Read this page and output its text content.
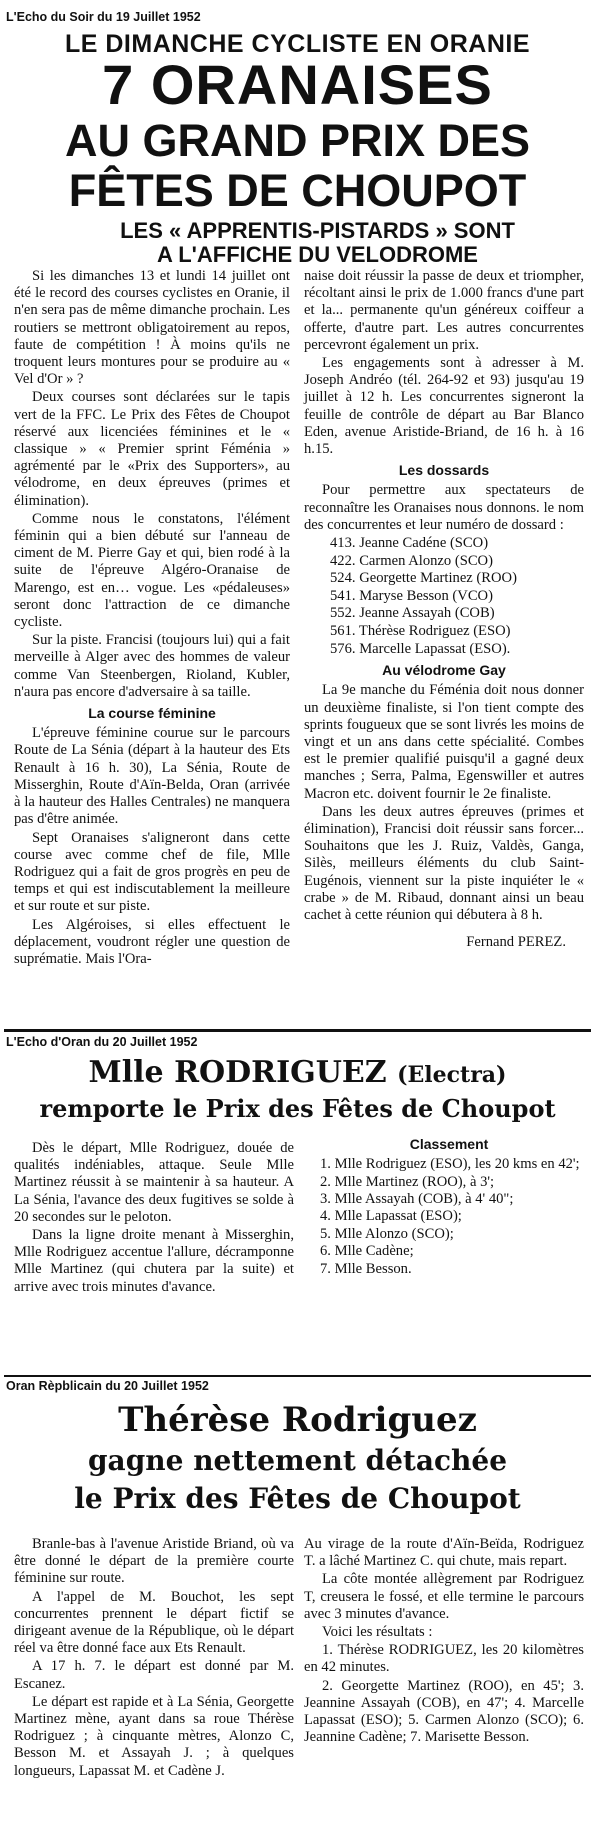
L'Echo du Soir du 19 Juillet 1952
LE DIMANCHE CYCLISTE EN ORANIE
7 ORANAISES
AU GRAND PRIX DES
FÊTES DE CHOUPOT
LES « APPRENTIS-PISTARDS » SONT
A L'AFFICHE DU VELODROME

Si les dimanches 13 et lundi 14 juillet ont été le record des courses cyclistes en Oranie, il n'en sera pas de même dimanche prochain. Les routiers se mettront obligatoirement au repos, faute de compétition ! À moins qu'ils ne troquent leurs montures pour se produire au « Vel d'Or » ?

Deux courses sont déclarées sur le tapis vert de la FFC. Le Prix des Fêtes de Choupot réservé aux licenciées féminines et le « classique » « Premier sprint Féménia » agrémenté par le «Prix des Supporters», au vélodrome, en deux épreuves (primes et élimination).

Comme nous le constatons, l'élément féminin qui a bien débuté sur l'anneau de ciment de M. Pierre Gay et qui, bien rodé à la suite de l'épreuve Algéro-Oranaise de Marengo, est en… vogue. Les «pédaleuses» seront donc l'attraction de ce dimanche cycliste.

Sur la piste. Francisi (toujours lui) qui a fait merveille à Alger avec des hommes de valeur comme Van Steenbergen, Rioland, Kubler, n'aura pas encore d'adversaire à sa taille.

La course féminine

L'épreuve féminine courue sur le parcours Route de La Sénia (départ à la hauteur des Ets Renault à 16 h. 30), La Sénia, Route de Misserghin, Route d'Aïn-Belda, Oran (arrivée à la hauteur des Halles Centrales) ne manquera pas d'être animée.

Sept Oranaises s'aligneront dans cette course avec comme chef de file, Mlle Rodriguez qui a fait de gros progrès en peu de temps et qui est indiscutablement la meilleure et sur route et sur piste.

Les Algéroises, si elles effectuent le déplacement, voudront régler une question de suprématie. Mais l'Ora-

naise doit réussir la passe de deux et triompher, récoltant ainsi le prix de 1.000 francs d'une part et la... permanente qu'un généreux coiffeur a offerte, d'autre part. Les autres concurrentes percevront également un prix.

Les engagements sont à adresser à M. Joseph Andréo (tél. 264-92 et 93) jusqu'au 19 juillet à 12 h. Les concurrentes signeront la feuille de contrôle de départ au Bar Blanco Eden, avenue Aristide-Briand, de 16 h. à 16 h.15.

Les dossards

Pour permettre aux spectateurs de reconnaître les Oranaises nous donnons. le nom des concurrentes et leur numéro de dossard :

413. Jeanne Cadéne (SCO)
422. Carmen Alonzo (SCO)
524. Georgette Martinez (ROO)
541. Maryse Besson (VCO)
552. Jeanne Assayah (COB)
561. Thérèse Rodriguez (ESO)
576. Marcelle Lapassat (ESO).
Au vélodrome Gay

La 9e manche du Féménia doit nous donner un deuxième finaliste, si l'on tient compte des sprints fougueux que se sont livrés les moins de vingt et un ans dans cette spécialité. Combes est le premier qualifié puisqu'il a gagné deux manches ; Serra, Palma, Egenswiller et autres Macron etc. doivent fournir le 2e finaliste.

Dans les deux autres épreuves (primes et élimination), Francisi doit réussir sans forcer... Souhaitons que les J. Ruiz, Valdès, Ganga, Silès, meilleurs éléments du club Saint-Eugénois, viennent sur la piste inquiéter le « crabe » de M. Ribaud, donnant ainsi un beau cachet à cette réunion qui débutera à 8 h.

Fernand PEREZ.

L'Echo d'Oran du 20 Juillet 1952
Mlle RODRIGUEZ (Electra)
remporte le Prix des Fêtes de Choupot

Dès le départ, Mlle Rodriguez, douée de qualités indéniables, attaque. Seule Mlle Martinez réussit à se maintenir à sa hauteur. A La Sénia, l'avance des deux fugitives se solde à 20 secondes sur le peloton.

Dans la ligne droite menant à Misserghin, Mlle Rodriguez accentue l'allure, décramponne Mlle Martinez (qui chutera par la suite) et arrive avec trois minutes d'avance.

Classement
1. Mlle Rodriguez (ESO), les 20 kms en 42';
2. Mlle Martinez (ROO), à 3';
3. Mlle Assayah (COB), à 4' 40";
4. Mlle Lapassat (ESO);
5. Mlle Alonzo (SCO);
6. Mlle Cadène;
7. Mlle Besson.
Oran Rèpblicain du 20 Juillet 1952
Thérèse Rodriguez
gagne nettement détachée
le Prix des Fêtes de Choupot

Branle-bas à l'avenue Aristide Briand, où va être donné le départ de la première courte féminine sur route.

A l'appel de M. Bouchot, les sept concurrentes prennent le départ fictif se dirigeant avenue de la République, où le départ réel va être donné face aux Ets Renault.

A 17 h. 7. le départ est donné par M. Escanez.

Le départ est rapide et à La Sénia, Georgette Martinez mène, ayant dans sa roue Thérèse Rodriguez ; à cinquante mètres, Alonzo C, Besson M. et Assayah J. ; à quelques longueurs, Lapassat M. et Cadène J.

Au virage de la route d'Aïn-Beïda, Rodriguez T. a lâché Martinez C. qui chute, mais repart.

La côte montée allègrement par Rodriguez T, creusera le fossé, et elle termine le parcours avec 3 minutes d'avance.

Voici les résultats :

1. Thérèse RODRIGUEZ, les 20 kilomètres en 42 minutes.

2. Georgette Martinez (ROO), en 45'; 3. Jeannine Assayah (COB), en 47'; 4. Marcelle Lapassat (ESO); 5. Carmen Alonzo (SCO); 6. Jeannine Cadène; 7. Marisette Besson.
